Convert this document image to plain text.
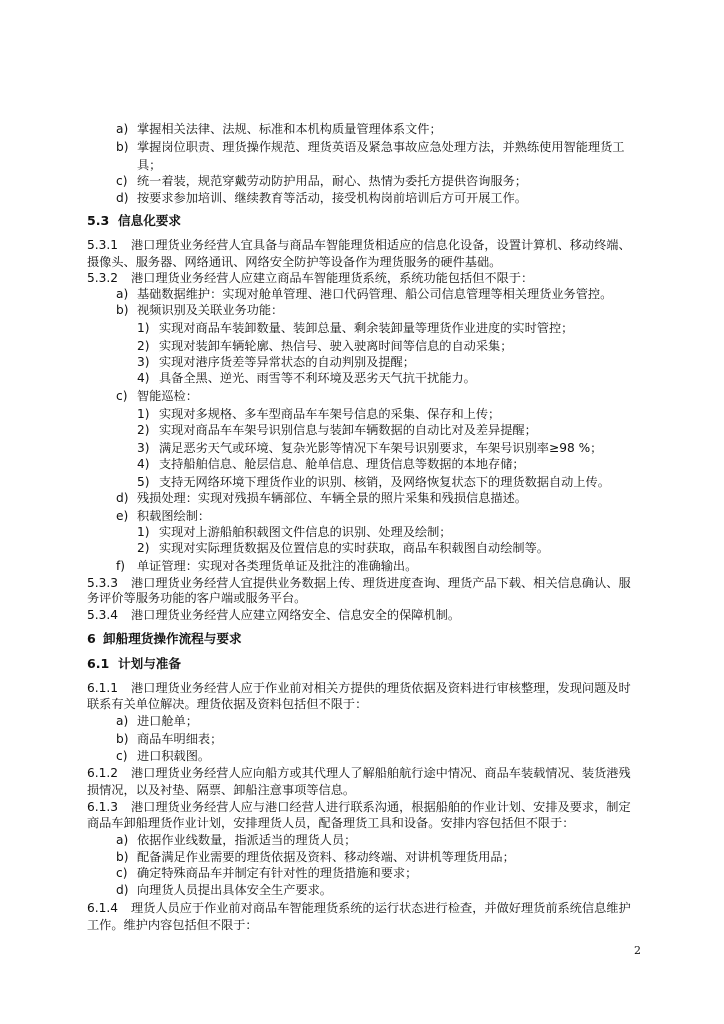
a) 掌握相关法律、法规、标准和本机构质量管理体系文件；
b) 掌握岗位职责、理货操作规范、理货英语及紧急事故应急处理方法，并熟练使用智能理货工
具；
c) 统一着装，规范穿戴劳动防护用品，耐心、热情为委托方提供咨询服务；
d) 按要求参加培训、继续教育等活动，接受机构岗前培训后方可开展工作。
5.3 信息化要求
5.3.1 港口理货业务经营人宜具备与商品车智能理货相适应的信息化设备，设置计算机、移动终端、
摄像头、服务器、网络通讯、网络安全防护等设备作为理货服务的硬件基础。
5.3.2 港口理货业务经营人应建立商品车智能理货系统，系统功能包括但不限于：
a) 基础数据维护：实现对舱单管理、港口代码管理、船公司信息管理等相关理货业务管控。
b) 视频识别及关联业务功能：
1) 实现对商品车装卸数量、装卸总量、剩余装卸量等理货作业进度的实时管控；
2) 实现对装卸车辆轮廓、热信号、驶入驶离时间等信息的自动采集；
3) 实现对港序货差等异常状态的自动判别及提醒；
4) 具备全黑、逆光、雨雪等不利环境及恶劣天气抗干扰能力。
c) 智能巡检：
1) 实现对多规格、多车型商品车车架号信息的采集、保存和上传；
2) 实现对商品车车架号识别信息与装卸车辆数据的自动比对及差异提醒；
3) 满足恶劣天气或环境、复杂光影等情况下车架号识别要求，车架号识别率≥98 %；
4) 支持船舶信息、舱层信息、舱单信息、理货信息等数据的本地存储；
5) 支持无网络环境下理货作业的识别、核销，及网络恢复状态下的理货数据自动上传。
d) 残损处理：实现对残损车辆部位、车辆全景的照片采集和残损信息描述。
e) 积载图绘制：
1) 实现对上游船舶积载图文件信息的识别、处理及绘制；
2) 实现对实际理货数据及位置信息的实时获取，商品车积载图自动绘制等。
f) 单证管理：实现对各类理货单证及批注的准确输出。
5.3.3 港口理货业务经营人宜提供业务数据上传、理货进度查询、理货产品下载、相关信息确认、服
务评价等服务功能的客户端或服务平台。
5.3.4 港口理货业务经营人应建立网络安全、信息安全的保障机制。
6 卸船理货操作流程与要求
6.1 计划与准备
6.1.1 港口理货业务经营人应于作业前对相关方提供的理货依据及资料进行审核整理，发现问题及时
联系有关单位解决。理货依据及资料包括但不限于：
a) 进口舱单；
b) 商品车明细表；
c) 进口积载图。
6.1.2 港口理货业务经营人应向船方或其代理人了解船舶航行途中情况、商品车装载情况、装货港残
损情况，以及衬垫、隔票、卸船注意事项等信息。
6.1.3 港口理货业务经营人应与港口经营人进行联系沟通，根据船舶的作业计划、安排及要求，制定
商品车卸船理货作业计划，安排理货人员，配备理货工具和设备。安排内容包括但不限于：
a) 依据作业线数量，指派适当的理货人员；
b) 配备满足作业需要的理货依据及资料、移动终端、对讲机等理货用品；
c) 确定特殊商品车并制定有针对性的理货措施和要求；
d) 向理货人员提出具体安全生产要求。
6.1.4 理货人员应于作业前对商品车智能理货系统的运行状态进行检查，并做好理货前系统信息维护
工作。维护内容包括但不限于：
2
